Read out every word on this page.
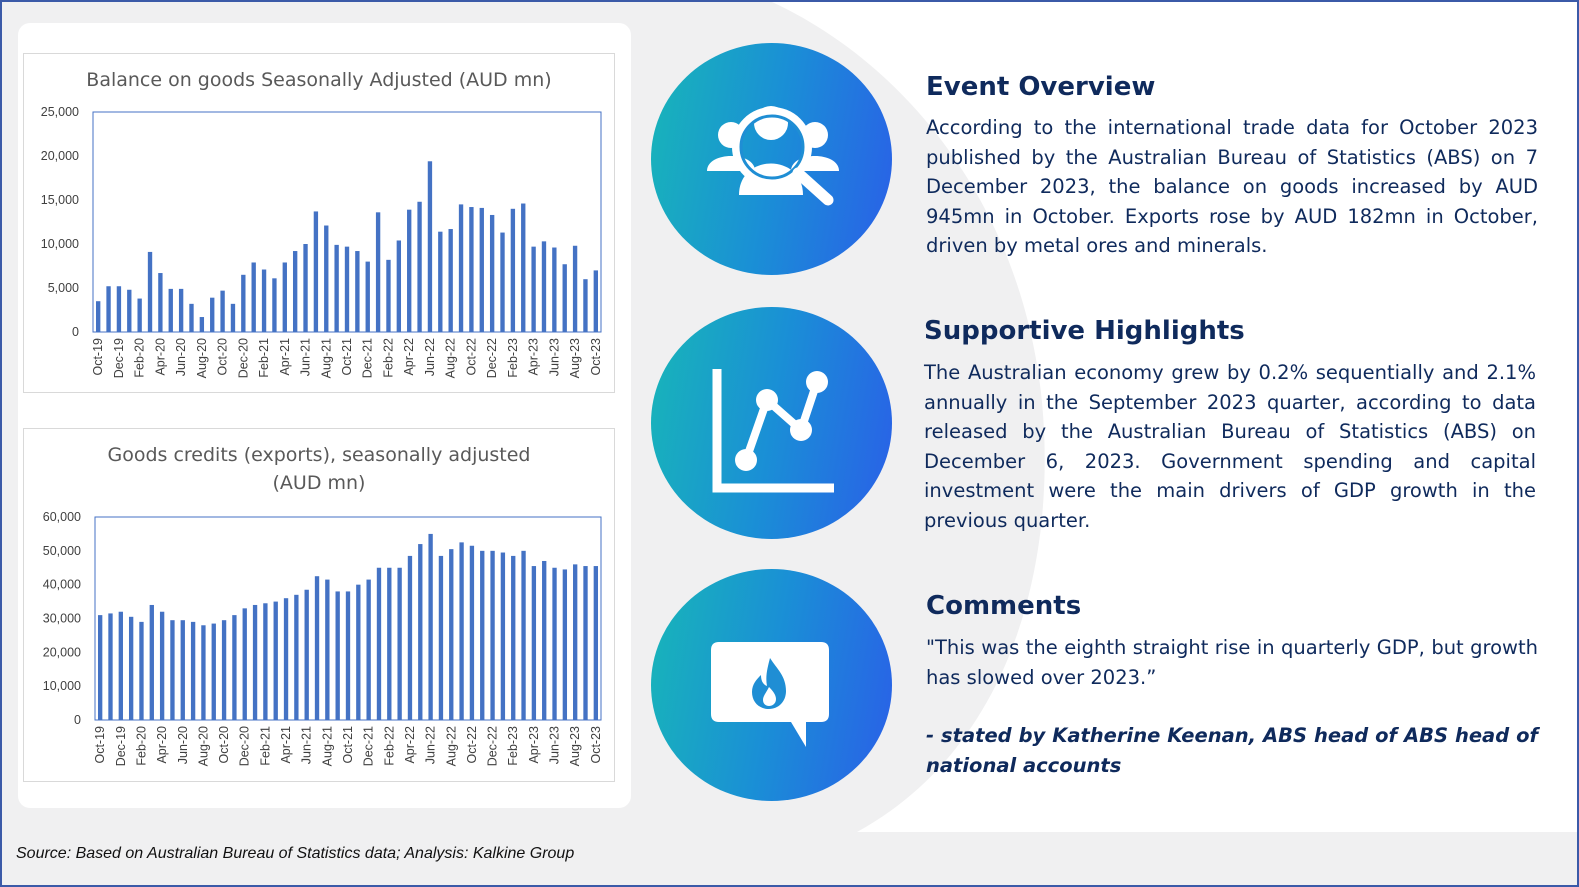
Balance on goods Seasonally Adjusted (AUD mn)
0
5,000
10,000
15,000
20,000
25,000
Oct-19 Dec-19 Feb-20 Apr-20 Jun-20 Aug-20 Oct-20 Dec-20 Feb-21 Apr-21 Jun-21 Aug-21 Oct-21 Dec-21 Feb-22 Apr-22 Jun-22 Aug-22 Oct-22 Dec-22 Feb-23 Apr-23 Jun-23 Aug-23 Oct-23
Goods credits (exports), seasonally adjusted (AUD mn)
0
10,000
20,000
30,000
40,000
50,000
60,000
Oct-19 Dec-19 Feb-20 Apr-20 Jun-20 Aug-20 Oct-20 Dec-20 Feb-21 Apr-21 Jun-21 Aug-21 Oct-21 Dec-21 Feb-22 Apr-22 Jun-22 Aug-22 Oct-22 Dec-22 Feb-23 Apr-23 Jun-23 Aug-23 Oct-23
Event Overview
According to the international trade data for October 2023 published by the Australian Bureau of Statistics (ABS) on 7 December 2023, the balance on goods increased by AUD 945mn in October. Exports rose by AUD 182mn in October, driven by metal ores and minerals.
Supportive Highlights
The Australian economy grew by 0.2% sequentially and 2.1% annually in the September 2023 quarter, according to data released by the Australian Bureau of Statistics (ABS) on December 6, 2023. Government spending and capital investment were the main drivers of GDP growth in the previous quarter.
Comments
"This was the eighth straight rise in quarterly GDP, but growth has slowed over 2023.”
- stated by Katherine Keenan, ABS head of ABS head of national accounts
Source: Based on Australian Bureau of Statistics data; Analysis: Kalkine Group
